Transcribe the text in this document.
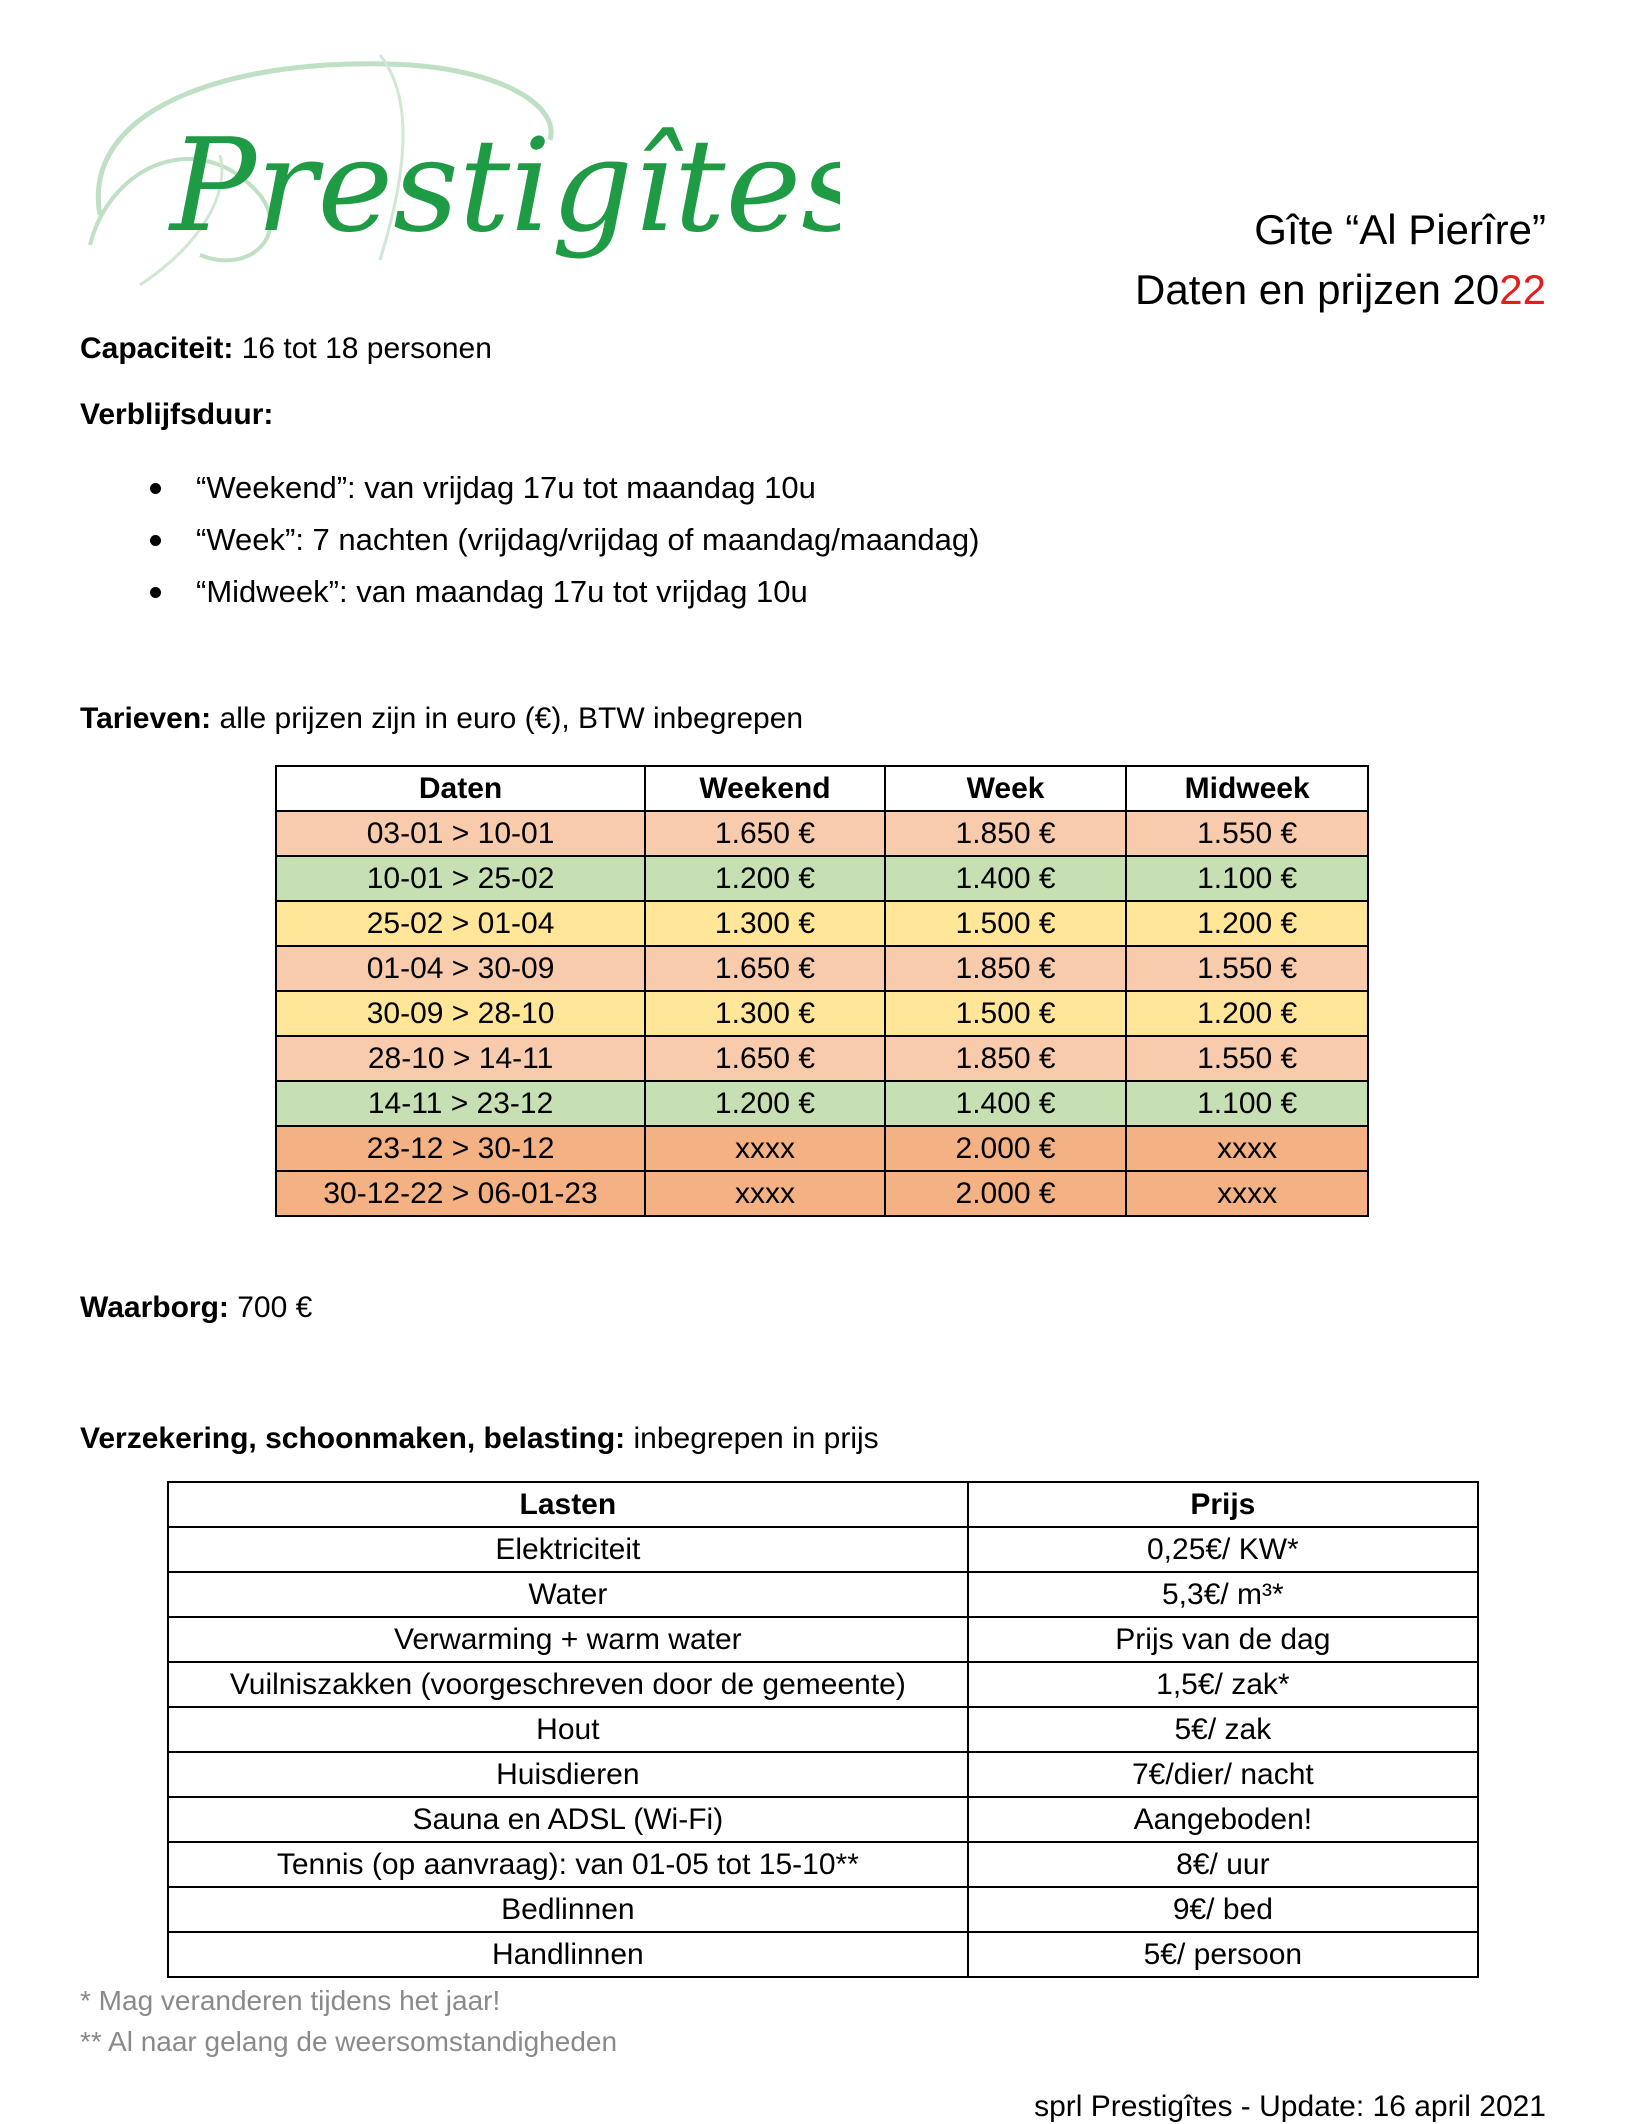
Prestigîtes	Gîte “Al Pierîre”
Daten en prijzen 2022
Capaciteit: 16 tot 18 personen
Verblijfsduur:
“Weekend”: van vrijdag 17u tot maandag 10u
“Week”: 7 nachten (vrijdag/vrijdag of maandag/maandag)
“Midweek”: van maandag 17u tot vrijdag 10u
Tarieven: alle prijzen zijn in euro (€), BTW inbegrepen
Daten	Weekend	Week	Midweek
03-01 > 10-01	1.650 €	1.850 €	1.550 €
10-01 > 25-02	1.200 €	1.400 €	1.100 €
25-02 > 01-04	1.300 €	1.500 €	1.200 €
01-04 > 30-09	1.650 €	1.850 €	1.550 €
30-09 > 28-10	1.300 €	1.500 €	1.200 €
28-10 > 14-11	1.650 €	1.850 €	1.550 €
14-11 > 23-12	1.200 €	1.400 €	1.100 €
23-12 > 30-12	xxxx	2.000 €	xxxx
30-12-22 > 06-01-23	xxxx	2.000 €	xxxx
Waarborg: 700 €
Verzekering, schoonmaken, belasting: inbegrepen in prijs
Lasten	Prijs
Elektriciteit	0,25€/ KW*
Water	5,3€/ m³*
Verwarming + warm water	Prijs van de dag
Vuilniszakken (voorgeschreven door de gemeente)	1,5€/ zak*
Hout	5€/ zak
Huisdieren	7€/dier/ nacht
Sauna en ADSL (Wi-Fi)	Aangeboden!
Tennis (op aanvraag): van 01-05 tot 15-10**	8€/ uur
Bedlinnen	9€/ bed
Handlinnen	5€/ persoon
* Mag veranderen tijdens het jaar!
** Al naar gelang de weersomstandigheden
sprl Prestigîtes - Update: 16 april 2021
